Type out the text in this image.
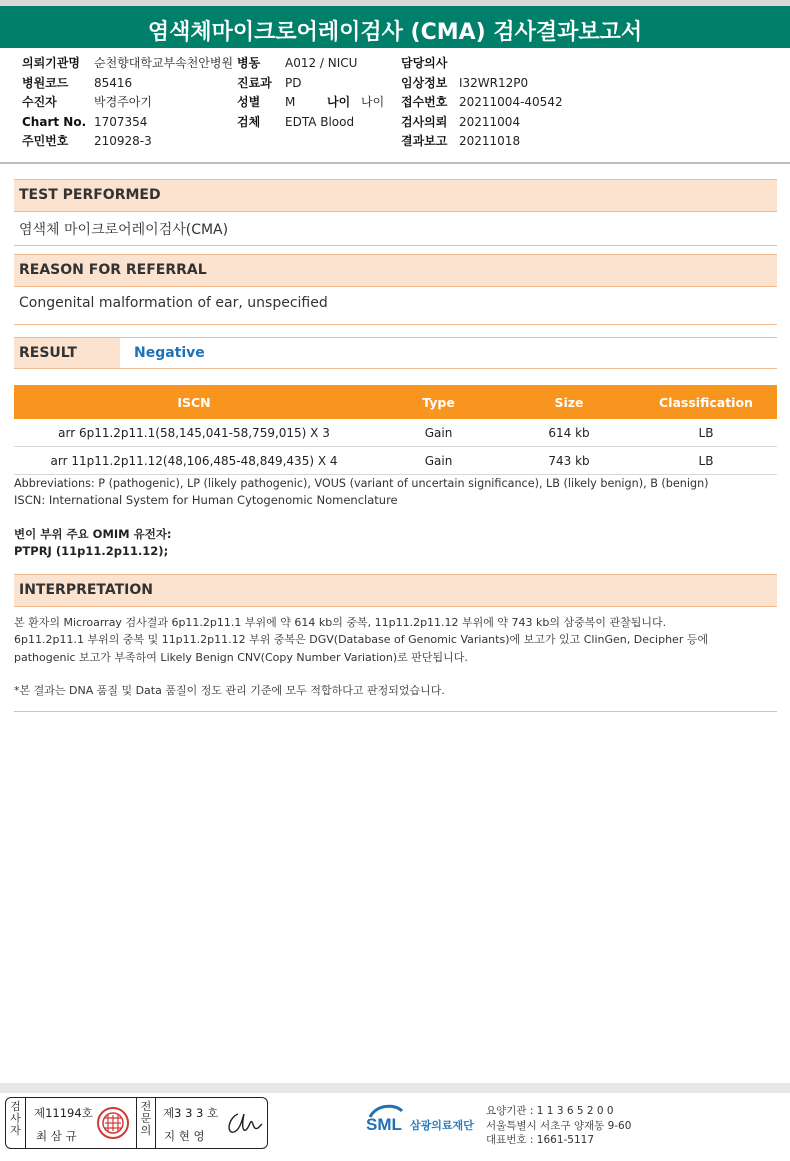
염색체마이크로어레이검사 (CMA) 검사결과보고서
의뢰기관명 순천향대학교부속천안병원
병원코드 85416
수진자	박경주아기
Chart No. 1707354
주민번호 210928-3
병동 A012 / NICU
진료과 PD
성별 M	나이 나이
검체 EDTA Blood
담당의사
임상정보 I32WR12P0
접수번호 20211004-40542
검사의뢰 20211004
결과보고 20211018
TEST PERFORMED
염색체 마이크로어레이검사(CMA)
REASON FOR REFERRAL
Congenital malformation of ear, unspecified
RESULT	Negative
ISCN	Type	Size	Classification
arr 6p11.2p11.1(58,145,041-58,759,015) X 3	Gain	614 kb	LB
arr 11p11.2p11.12(48,106,485-48,849,435) X 4	Gain	743 kb	LB
Abbreviations: P (pathogenic), LP (likely pathogenic), VOUS (variant of uncertain significance), LB (likely benign), B (benign)
ISCN: International System for Human Cytogenomic Nomenclature
변이 부위 주요 OMIM 유전자:
PTPRJ (11p11.2p11.12);
INTERPRETATION
본 환자의 Microarray 검사결과 6p11.2p11.1 부위에 약 614 kb의 중복, 11p11.2p11.12 부위에 약 743 kb의 삼중복이 관찰됩니다.
6p11.2p11.1 부위의 중복 및 11p11.2p11.12 부위 중복은 DGV(Database of Genomic Variants)에 보고가 있고 ClinGen, Decipher 등에
pathogenic 보고가 부족하여 Likely Benign CNV(Copy Number Variation)로 판단됩니다.
*본 결과는 DNA 품질 및 Data 품질이 정도 관리 기준에 모두 적합하다고 판정되었습니다.
검사자
제11194호
최 삼 규
전문의
제3 3 3 호
지 현 영
SML 삼광의료재단
요양기관 : 1 1 3 6 5 2 0 0
서울특별시 서초구 양재동 9-60
대표번호 : 1661-5117
